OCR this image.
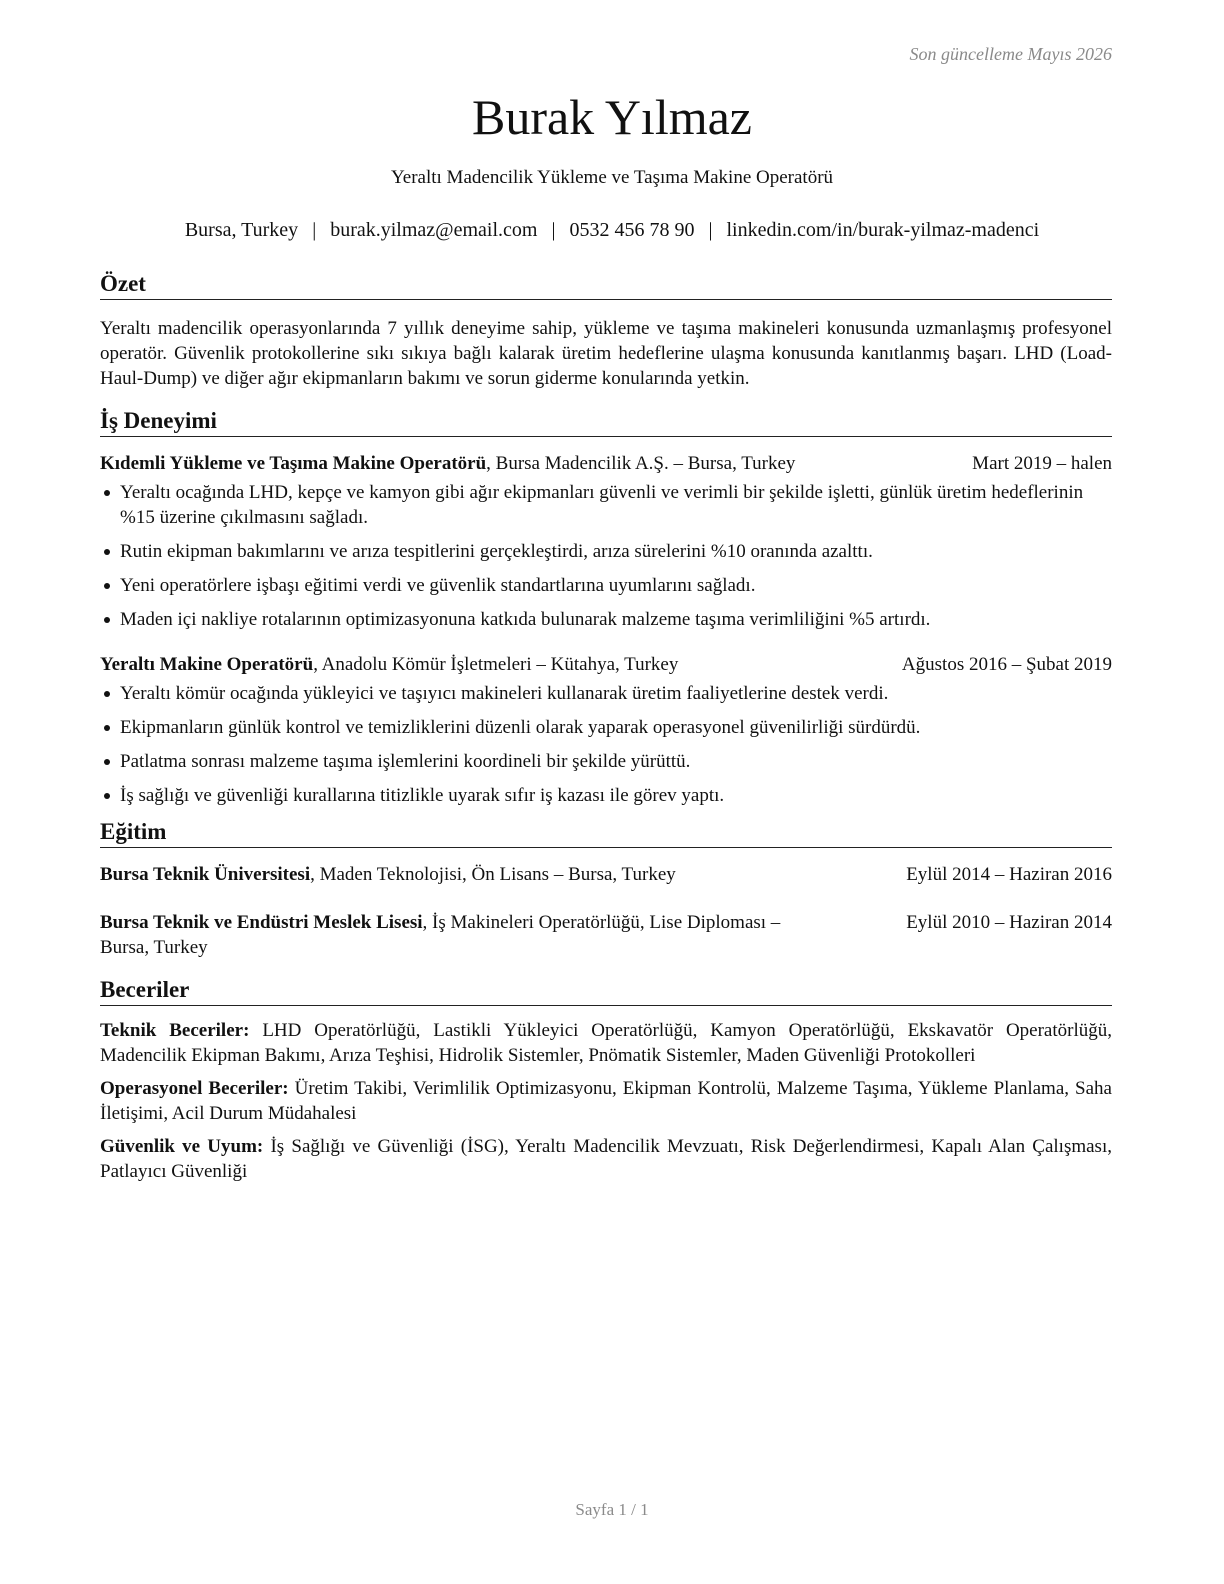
Son güncelleme Mayıs 2026
Burak Yılmaz
Yeraltı Madencilik Yükleme ve Taşıma Makine Operatörü
Bursa, Turkey | burak.yilmaz@email.com | 0532 456 78 90 | linkedin.com/in/burak-yilmaz-madenci
Özet

Yeraltı madencilik operasyonlarında 7 yıllık deneyime sahip, yükleme ve taşıma makineleri konusunda uzmanlaşmış profesyonel operatör. Güvenlik protokollerine sıkı sıkıya bağlı kalarak üretim hedeflerine ulaşma konusunda kanıtlanmış başarı. LHD (Load-Haul-Dump) ve diğer ağır ekipmanların bakımı ve sorun giderme konularında yetkin.

İş Deneyimi
Kıdemli Yükleme ve Taşıma Makine Operatörü, Bursa Madencilik A.Ş. – Bursa, Turkey	Mart 2019 – halen
Yeraltı ocağında LHD, kepçe ve kamyon gibi ağır ekipmanları güvenli ve verimli bir şekilde işletti, günlük üretim hedeflerinin %15 üzerine çıkılmasını sağladı.
Rutin ekipman bakımlarını ve arıza tespitlerini gerçekleştirdi, arıza sürelerini %10 oranında azalttı.
Yeni operatörlere işbaşı eğitimi verdi ve güvenlik standartlarına uyumlarını sağladı.
Maden içi nakliye rotalarının optimizasyonuna katkıda bulunarak malzeme taşıma verimliliğini %5 artırdı.
Yeraltı Makine Operatörü, Anadolu Kömür İşletmeleri – Kütahya, Turkey	Ağustos 2016 – Şubat 2019
Yeraltı kömür ocağında yükleyici ve taşıyıcı makineleri kullanarak üretim faaliyetlerine destek verdi.
Ekipmanların günlük kontrol ve temizliklerini düzenli olarak yaparak operasyonel güvenilirliği sürdürdü.
Patlatma sonrası malzeme taşıma işlemlerini koordineli bir şekilde yürüttü.
İş sağlığı ve güvenliği kurallarına titizlikle uyarak sıfır iş kazası ile görev yaptı.
Eğitim
Bursa Teknik Üniversitesi, Maden Teknolojisi, Ön Lisans – Bursa, Turkey	Eylül 2014 – Haziran 2016
Bursa Teknik ve Endüstri Meslek Lisesi, İş Makineleri Operatörlüğü, Lise Diploması –	Eylül 2010 – Haziran 2014
Bursa, Turkey
Beceriler

Teknik Beceriler: LHD Operatörlüğü, Lastikli Yükleyici Operatörlüğü, Kamyon Operatörlüğü, Ekskavatör Operatörlüğü, Madencilik Ekipman Bakımı, Arıza Teşhisi, Hidrolik Sistemler, Pnömatik Sistemler, Maden Güvenliği Protokolleri

Operasyonel Beceriler: Üretim Takibi, Verimlilik Optimizasyonu, Ekipman Kontrolü, Malzeme Taşıma, Yükleme Planlama, Saha İletişimi, Acil Durum Müdahalesi

Güvenlik ve Uyum: İş Sağlığı ve Güvenliği (İSG), Yeraltı Madencilik Mevzuatı, Risk Değerlendirmesi, Kapalı Alan Çalışması, Patlayıcı Güvenliği

Sayfa 1 / 1
